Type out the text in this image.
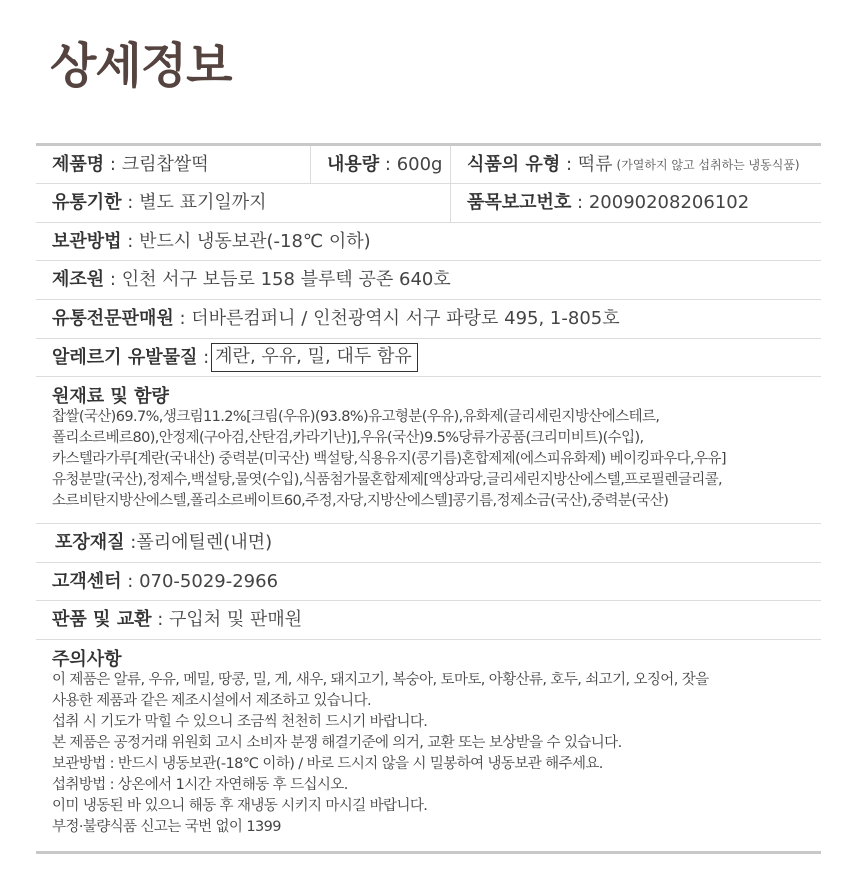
상세정보
제품명 : 크림찹쌀떡	내용량 : 600g 식품의 유형 : 떡류 (가열하지 않고 섭취하는 냉동식품)
유통기한 : 별도 표기일까지	품목보고번호 : 20090208206102
보관방법 : 반드시 냉동보관(-18℃ 이하)
제조원 : 인천 서구 보듬로 158 블루텍 공존 640호
유통전문판매원 : 더바른컴퍼니 / 인천광역시 서구 파랑로 495, 1-805호
알레르기 유발물질 : 계란, 우유, 밀, 대두 함유
원재료 및 함량
찹쌀(국산)69.7%,생크림11.2%[크림(우유)(93.8%)유고형분(우유),유화제(글리세린지방산에스테르,
폴리소르베르80),안정제(구아검,산탄검,카라기난)],우유(국산)9.5%당류가공품(크리미비트)(수입),
카스텔라가루[계란(국내산) 중력분(미국산) 백설탕,식용유지(콩기름)혼합제제(에스피유화제) 베이킹파우다,우유]
유청분말(국산),정제수,백설탕,물엿(수입),식품첨가물혼합제제[액상과당,글리세린지방산에스텔,프로필렌글리콜,
소르비탄지방산에스텔,폴리소르베이트60,주정,자당,지방산에스텔]콩기름,정제소금(국산),중력분(국산)
포장재질 : 폴리에틸렌(내면)
고객센터 : 070-5029-2966
판품 및 교환 : 구입처 및 판매원
주의사항
이 제품은 알류, 우유, 메밀, 땅콩, 밀, 게, 새우, 돼지고기, 복숭아, 토마토, 아황산류, 호두, 쇠고기, 오징어, 잣을
사용한 제품과 같은 제조시설에서 제조하고 있습니다.
섭취 시 기도가 막힐 수 있으니 조금씩 천천히 드시기 바랍니다.
본 제품은 공정거래 위원회 고시 소비자 분쟁 해결기준에 의거, 교환 또는 보상받을 수 있습니다.
보관방법 : 반드시 냉동보관(-18℃ 이하) / 바로 드시지 않을 시 밀봉하여 냉동보관 해주세요.
섭취방법 : 상온에서 1시간 자연해동 후 드십시오.
이미 냉동된 바 있으니 해동 후 재냉동 시키지 마시길 바랍니다.
부정·불량식품 신고는 국번 없이 1399
